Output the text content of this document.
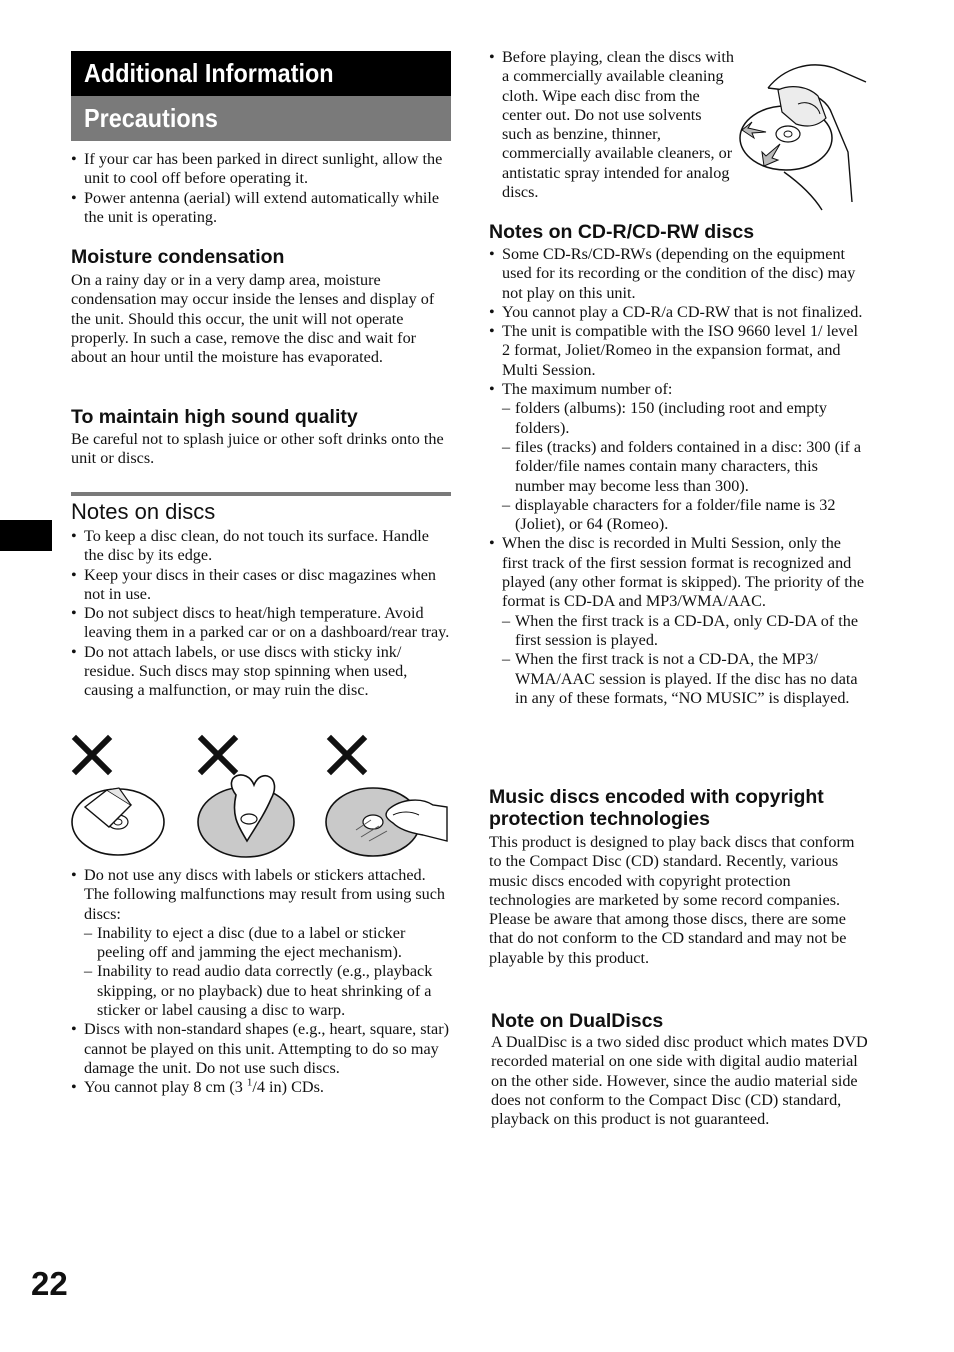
Additional Information
Precautions
• If your car has been parked in direct sunlight, allow the unit to cool off before operating it.
• Power antenna (aerial) will extend automatically while the unit is operating.
Moisture condensation
On a rainy day or in a very damp area, moisture condensation may occur inside the lenses and display of the unit. Should this occur, the unit will not operate properly. In such a case, remove the disc and wait for about an hour until the moisture has evaporated.
To maintain high sound quality
Be careful not to splash juice or other soft drinks onto the unit or discs.
Notes on discs
• To keep a disc clean, do not touch its surface. Handle the disc by its edge.
• Keep your discs in their cases or disc magazines when not in use.
• Do not subject discs to heat/high temperature. Avoid leaving them in a parked car or on a dashboard/rear tray.
• Do not attach labels, or use discs with sticky ink/ residue. Such discs may stop spinning when used, causing a malfunction, or may ruin the disc.
• Do not use any discs with labels or stickers attached.
The following malfunctions may result from using such discs:
– Inability to eject a disc (due to a label or sticker peeling off and jamming the eject mechanism).
– Inability to read audio data correctly (e.g., playback skipping, or no playback) due to heat shrinking of a sticker or label causing a disc to warp.
• Discs with non-standard shapes (e.g., heart, square, star) cannot be played on this unit. Attempting to do so may damage the unit. Do not use such discs.
• You cannot play 8 cm (3 $^1$/4 in) CDs.
• Before playing, clean the discs with a commercially available cleaning cloth. Wipe each disc from the center out. Do not use solvents such as benzine, thinner, commercially available cleaners, or antistatic spray intended for analog discs.
Notes on CD-R/CD-RW discs
• Some CD-Rs/CD-RWs (depending on the equipment used for its recording or the condition of the disc) may not play on this unit.
• You cannot play a CD-R/a CD-RW that is not finalized.
• The unit is compatible with the ISO 9660 level 1/ level 2 format, Joliet/Romeo in the expansion format, and Multi Session.
• The maximum number of:
– folders (albums): 150 (including root and empty folders).
– files (tracks) and folders contained in a disc: 300 (if a folder/file names contain many characters, this number may become less than 300).
– displayable characters for a folder/file name is 32 (Joliet), or 64 (Romeo).
• When the disc is recorded in Multi Session, only the first track of the first session format is recognized and played (any other format is skipped). The priority of the format is CD-DA and MP3/WMA/AAC.
– When the first track is a CD-DA, only CD-DA of the first session is played.
– When the first track is not a CD-DA, the MP3/ WMA/AAC session is played. If the disc has no data in any of these formats, “NO MUSIC” is displayed.
Music discs encoded with copyright protection technologies
This product is designed to play back discs that conform to the Compact Disc (CD) standard. Recently, various music discs encoded with copyright protection technologies are marketed by some record companies. Please be aware that among those discs, there are some that do not conform to the CD standard and may not be playable by this product.
Note on DualDiscs
A DualDisc is a two sided disc product which mates DVD recorded material on one side with digital audio material on the other side. However, since the audio material side does not conform to the Compact Disc (CD) standard, playback on this product is not guaranteed.
22
